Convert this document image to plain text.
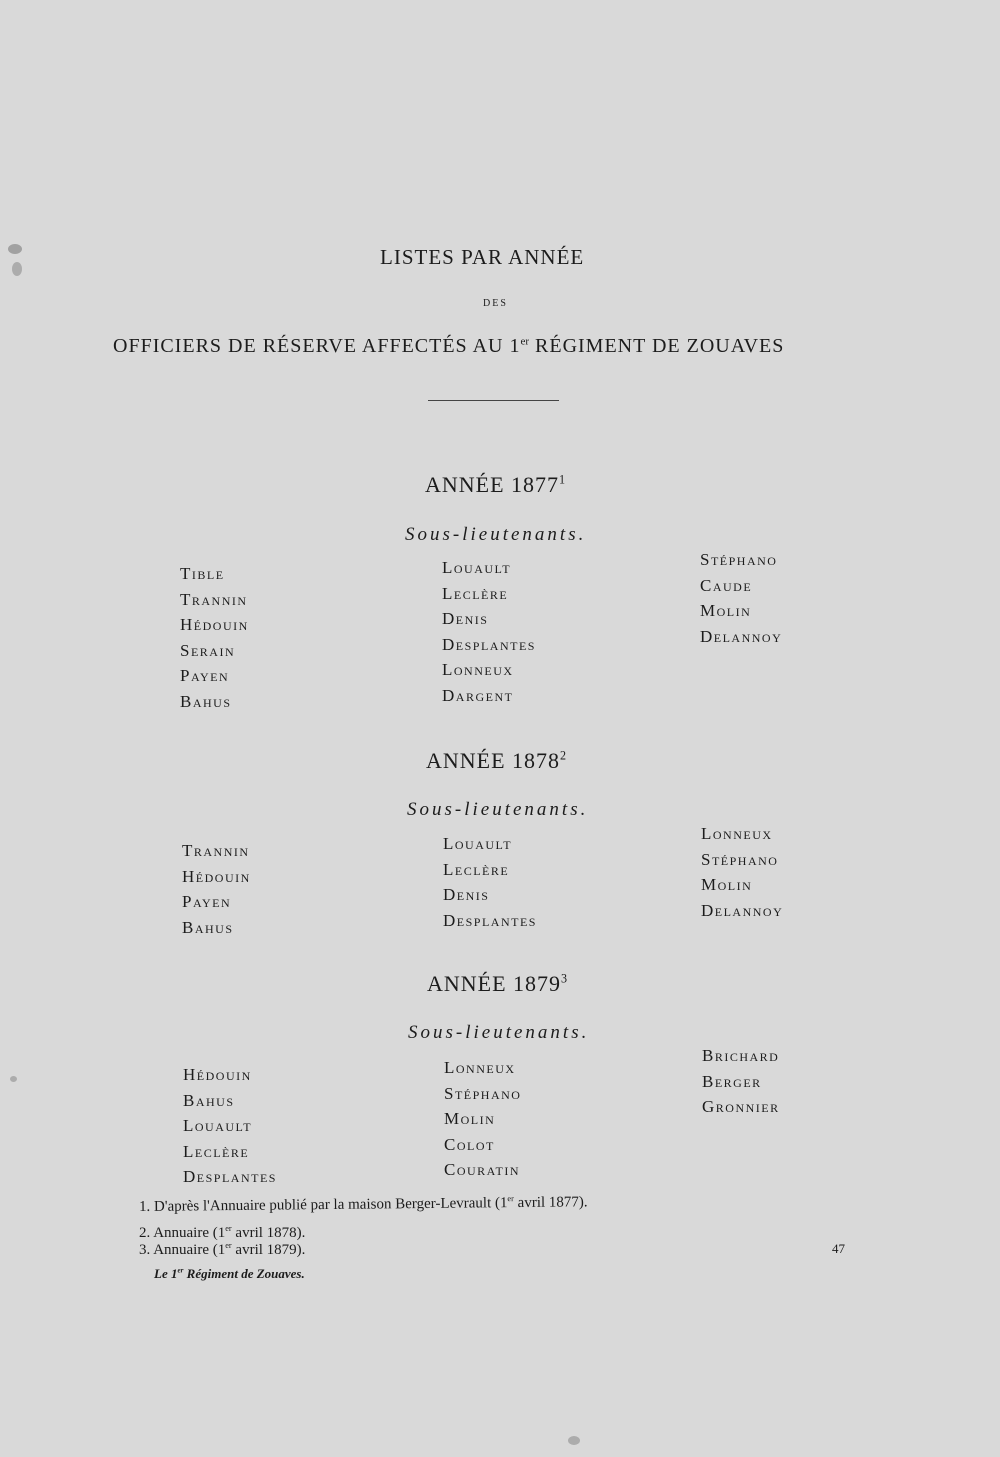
LISTES PAR ANNÉE
DES
OFFICIERS DE RÉSERVE AFFECTÉS AU 1er RÉGIMENT DE ZOUAVES
ANNÉE 1877$^1$
Sous-lieutenants.
Tible
Trannin
Hédouin
Serain
Payen
Bahus
Louault
Leclère
Denis
Desplantes
Lonneux
Dargent
Stéphano
Caude
Molin
Delannoy
ANNÉE 1878$^2$
Sous-lieutenants.
Trannin
Hédouin
Payen
Bahus
Louault
Leclère
Denis
Desplantes
Lonneux
Stéphano
Molin
Delannoy
ANNÉE 1879$^3$
Sous-lieutenants.
Hédouin
Bahus
Louault
Leclère
Desplantes
Lonneux
Stéphano
Molin
Colot
Couratin
Brichard
Berger
Gronnier
1. D'après l'Annuaire publié par la maison Berger-Levrault (1er avril 1877).
2. Annuaire (1er avril 1878).
3. Annuaire (1er avril 1879).
Le 1er Régiment de Zouaves.
47
